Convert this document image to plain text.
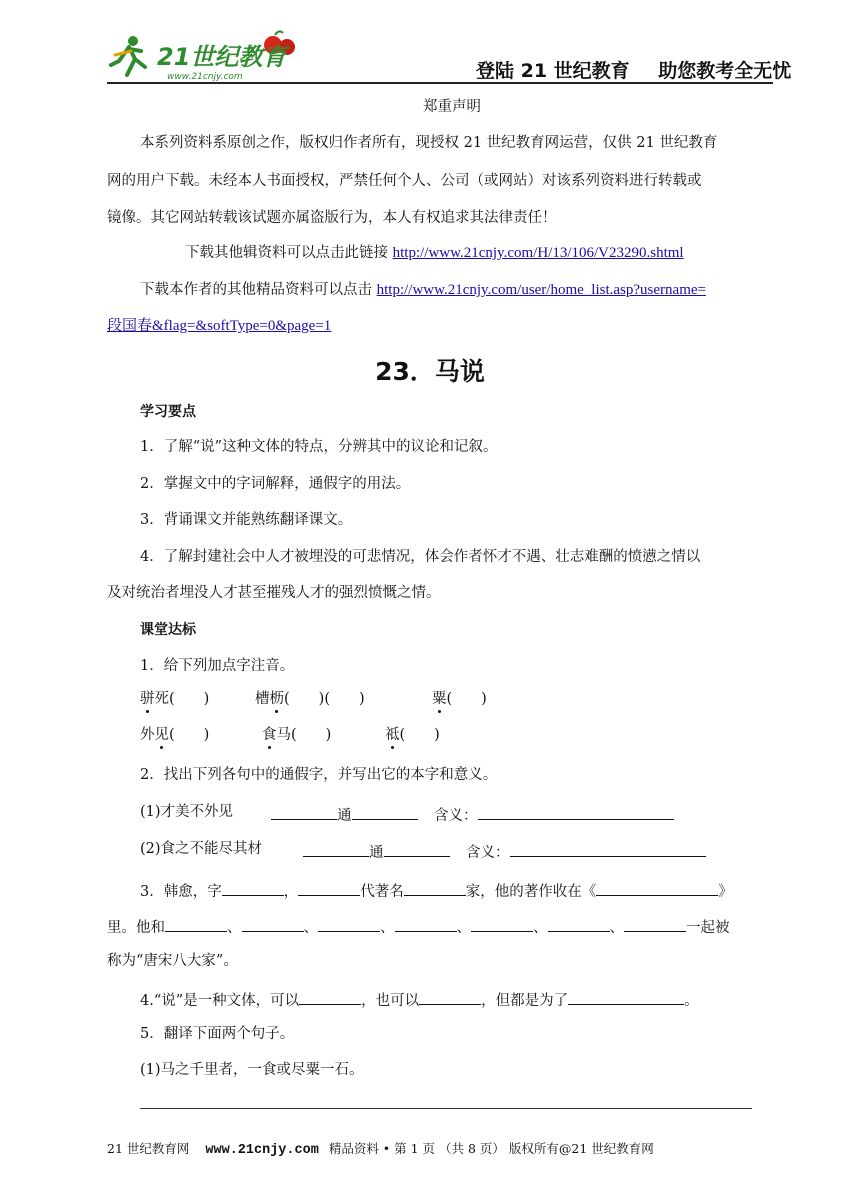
21世纪教育
www.21cnjy.com	登陆 21 世纪教育 助您教考全无忧
郑重声明
本系列资料系原创之作，版权归作者所有，现授权 21 世纪教育网运营，仅供 21 世纪教育
网的用户下载。未经本人书面授权，严禁任何个人、公司（或网站）对该系列资料进行转载或
镜像。其它网站转载该试题亦属盗版行为，本人有权追求其法律责任！
下载其他辑资料可以点击此链接 http://www.21cnjy.com/H/13/106/V23290.shtml
下载本作者的其他精品资料可以点击 http://www.21cnjy.com/user/home_list.asp?username=
段国春&flag=&softType=0&page=1
23．马说
学习要点
1．了解“说”这种文体的特点，分辨其中的议论和记叙。
2．掌握文中的字词解释，通假字的用法。
3．背诵课文并能熟练翻译课文。
4．了解封建社会中人才被埋没的可悲情况，体会作者怀才不遇、壮志难酬的愤懑之情以
及对统治者埋没人才甚至摧残人才的强烈愤慨之情。
课堂达标
1．给下列加点字注音。
骈死(　　)	槽枥(　　)(　　)	粟(　　)
外见(　　)	食马(　　)	祗(　　)
2．找出下列各句中的通假字，并写出它的本字和意义。
(1)才美不外见	通	含义：
(2)食之不能尽其材	通	含义：
3．韩愈，字	，	代著名	家，他的著作收在《	》
里。他和	、	、	、	、	、	、	一起被
称为“唐宋八大家”。
4.“说”是一种文体，可以	，也可以	，但都是为了	。
5．翻译下面两个句子。
(1)马之千里者，一食或尽粟一石。
21 世纪教育网 www.21cnjy.com 精品资料 • 第 1 页 （共 8 页） 版权所有@21 世纪教育网
